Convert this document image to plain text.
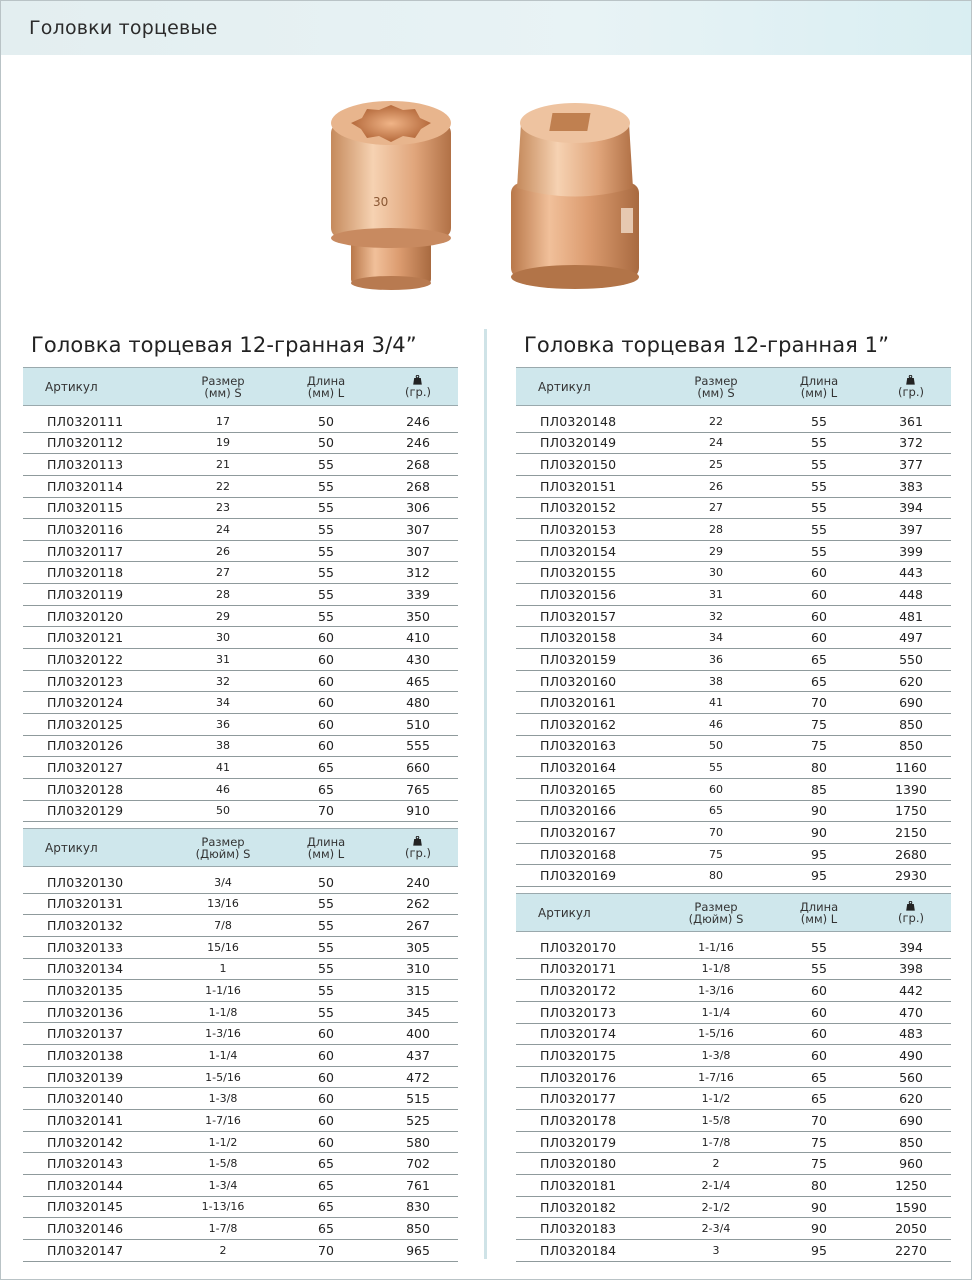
Головки торцевые
30
Головка торцевая 12-гранная 3/4”	Головка торцевая 12-гранная 1”
Артикул	Размер
(мм) S
Длина
(мм) L	(гр.)
ПЛ0320111	17	50	246
ПЛ0320112	19	50	246
ПЛ0320113	21	55	268
ПЛ0320114	22	55	268
ПЛ0320115	23	55	306
ПЛ0320116	24	55	307
ПЛ0320117	26	55	307
ПЛ0320118	27	55	312
ПЛ0320119	28	55	339
ПЛ0320120	29	55	350
ПЛ0320121	30	60	410
ПЛ0320122	31	60	430
ПЛ0320123	32	60	465
ПЛ0320124	34	60	480
ПЛ0320125	36	60	510
ПЛ0320126	38	60	555
ПЛ0320127	41	65	660
ПЛ0320128	46	65	765
ПЛ0320129	50	70	910
Артикул	Размер
(Дюйм) S
Длина
(мм) L	(гр.)
ПЛ0320130	3/4	50	240
ПЛ0320131	13/16	55	262
ПЛ0320132	7/8	55	267
ПЛ0320133	15/16	55	305
ПЛ0320134	1	55	310
ПЛ0320135	1-1/16	55	315
ПЛ0320136	1-1/8	55	345
ПЛ0320137	1-3/16	60	400
ПЛ0320138	1-1/4	60	437
ПЛ0320139	1-5/16	60	472
ПЛ0320140	1-3/8	60	515
ПЛ0320141	1-7/16	60	525
ПЛ0320142	1-1/2	60	580
ПЛ0320143	1-5/8	65	702
ПЛ0320144	1-3/4	65	761
ПЛ0320145	1-13/16	65	830
ПЛ0320146	1-7/8	65	850
ПЛ0320147	2	70	965
Артикул	Размер
(мм) S
Длина
(мм) L	(гр.)
ПЛ0320148	22	55	361
ПЛ0320149	24	55	372
ПЛ0320150	25	55	377
ПЛ0320151	26	55	383
ПЛ0320152	27	55	394
ПЛ0320153	28	55	397
ПЛ0320154	29	55	399
ПЛ0320155	30	60	443
ПЛ0320156	31	60	448
ПЛ0320157	32	60	481
ПЛ0320158	34	60	497
ПЛ0320159	36	65	550
ПЛ0320160	38	65	620
ПЛ0320161	41	70	690
ПЛ0320162	46	75	850
ПЛ0320163	50	75	850
ПЛ0320164	55	80	1160
ПЛ0320165	60	85	1390
ПЛ0320166	65	90	1750
ПЛ0320167	70	90	2150
ПЛ0320168	75	95	2680
ПЛ0320169	80	95	2930
Артикул	Размер
(Дюйм) S
Длина
(мм) L	(гр.)
ПЛ0320170	1-1/16	55	394
ПЛ0320171	1-1/8	55	398
ПЛ0320172	1-3/16	60	442
ПЛ0320173	1-1/4	60	470
ПЛ0320174	1-5/16	60	483
ПЛ0320175	1-3/8	60	490
ПЛ0320176	1-7/16	65	560
ПЛ0320177	1-1/2	65	620
ПЛ0320178	1-5/8	70	690
ПЛ0320179	1-7/8	75	850
ПЛ0320180	2	75	960
ПЛ0320181	2-1/4	80	1250
ПЛ0320182	2-1/2	90	1590
ПЛ0320183	2-3/4	90	2050
ПЛ0320184	3	95	2270
